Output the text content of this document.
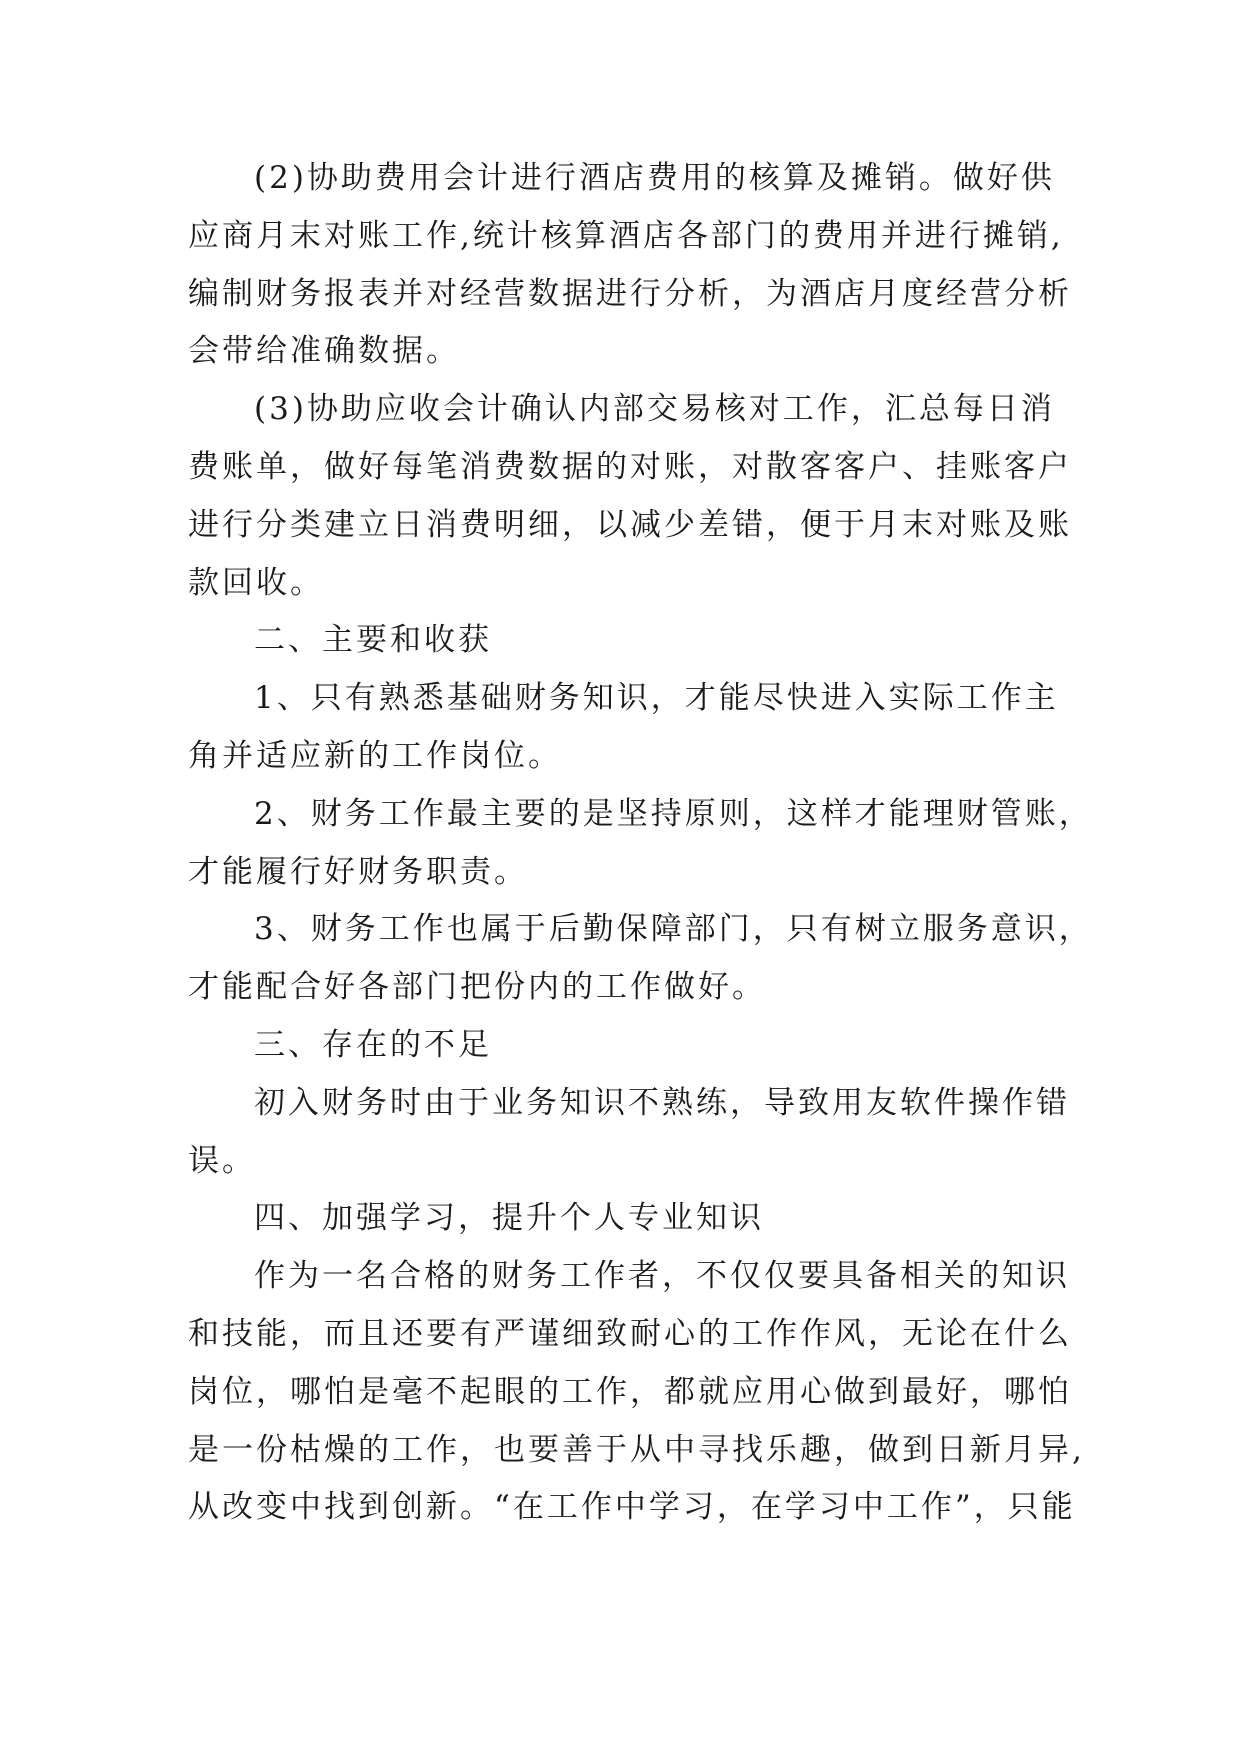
(2)协助费用会计进行酒店费用的核算及摊销。做好供
应商月末对账工作,统计核算酒店各部门的费用并进行摊销,
编制财务报表并对经营数据进行分析，为酒店月度经营分析
会带给准确数据。

(3)协助应收会计确认内部交易核对工作，汇总每日消
费账单，做好每笔消费数据的对账，对散客客户、挂账客户
进行分类建立日消费明细，以减少差错，便于月末对账及账
款回收。

二、主要和收获

1、只有熟悉基础财务知识，才能尽快进入实际工作主
角并适应新的工作岗位。

2、财务工作最主要的是坚持原则，这样才能理财管账，
才能履行好财务职责。

3、财务工作也属于后勤保障部门，只有树立服务意识，
才能配合好各部门把份内的工作做好。

三、存在的不足

初入财务时由于业务知识不熟练，导致用友软件操作错
误。

四、加强学习，提升个人专业知识

作为一名合格的财务工作者，不仅仅要具备相关的知识
和技能，而且还要有严谨细致耐心的工作作风，无论在什么
岗位，哪怕是毫不起眼的工作，都就应用心做到最好，哪怕
是一份枯燥的工作，也要善于从中寻找乐趣，做到日新月异,
从改变中找到创新。“在工作中学习，在学习中工作”，只能
